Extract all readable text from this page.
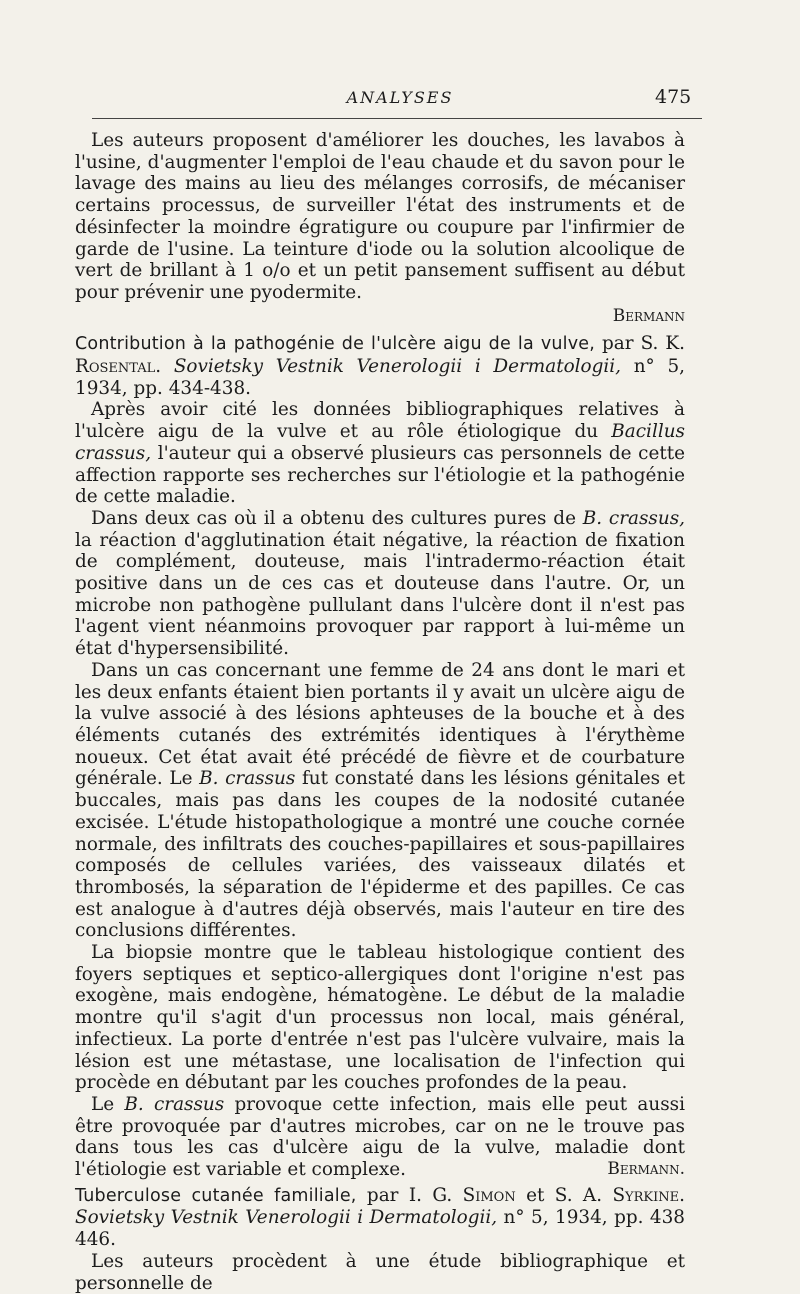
ANALYSES	475

Les auteurs proposent d'améliorer les douches, les lavabos à l'usine, d'augmenter l'emploi de l'eau chaude et du savon pour le lavage des mains au lieu des mélanges corrosifs, de mécaniser certains processus, de surveiller l'état des instruments et de désinfecter la moindre égratigure ou coupure par l'infirmier de garde de l'usine. La teinture d'iode ou la solution alcoolique de vert de brillant à 1 o/o et un petit pansement suffisent au début pour prévenir une pyodermite.

Bermann

Contribution à la pathogénie de l'ulcère aigu de la vulve, par S. K. Rosental. Sovietsky Vestnik Venerologii i Dermatologii, n° 5, 1934, pp. 434-438.

Après avoir cité les données bibliographiques relatives à l'ulcère aigu de la vulve et au rôle étiologique du Bacillus crassus, l'auteur qui a observé plusieurs cas personnels de cette affection rapporte ses recherches sur l'étiologie et la pathogénie de cette maladie.

Dans deux cas où il a obtenu des cultures pures de B. crassus, la réaction d'agglutination était négative, la réaction de fixation de complément, douteuse, mais l'intradermo-réaction était positive dans un de ces cas et douteuse dans l'autre. Or, un microbe non pathogène pullulant dans l'ulcère dont il n'est pas l'agent vient néanmoins provoquer par rapport à lui-même un état d'hypersensibilité.

Dans un cas concernant une femme de 24 ans dont le mari et les deux enfants étaient bien portants il y avait un ulcère aigu de la vulve associé à des lésions aphteuses de la bouche et à des éléments cutanés des extrémités identiques à l'érythème noueux. Cet état avait été précédé de fièvre et de courbature générale. Le B. crassus fut constaté dans les lésions génitales et buccales, mais pas dans les coupes de la nodosité cutanée excisée. L'étude histopathologique a montré une couche cornée normale, des infiltrats des couches-papillaires et sous-papillaires composés de cellules variées, des vaisseaux dilatés et thrombosés, la séparation de l'épiderme et des papilles. Ce cas est analogue à d'autres déjà observés, mais l'auteur en tire des conclusions différentes.

La biopsie montre que le tableau histologique contient des foyers septiques et septico-allergiques dont l'origine n'est pas exogène, mais endogène, hématogène. Le début de la maladie montre qu'il s'agit d'un processus non local, mais général, infectieux. La porte d'entrée n'est pas l'ulcère vulvaire, mais la lésion est une métastase, une localisation de l'infection qui procède en débutant par les couches profondes de la peau.

Le B. crassus provoque cette infection, mais elle peut aussi être provoquée par d'autres microbes, car on ne le trouve pas dans tous les cas d'ulcère aigu de la vulve, maladie dont l'étiologie est variable et complexe.	Bermann.

Tuberculose cutanée familiale, par I. G. Simon et S. A. Syrkine. Sovietsky Vestnik Venerologii i Dermatologii, n° 5, 1934, pp. 438 446.

Les auteurs procèdent à une étude bibliographique et personnelle de
